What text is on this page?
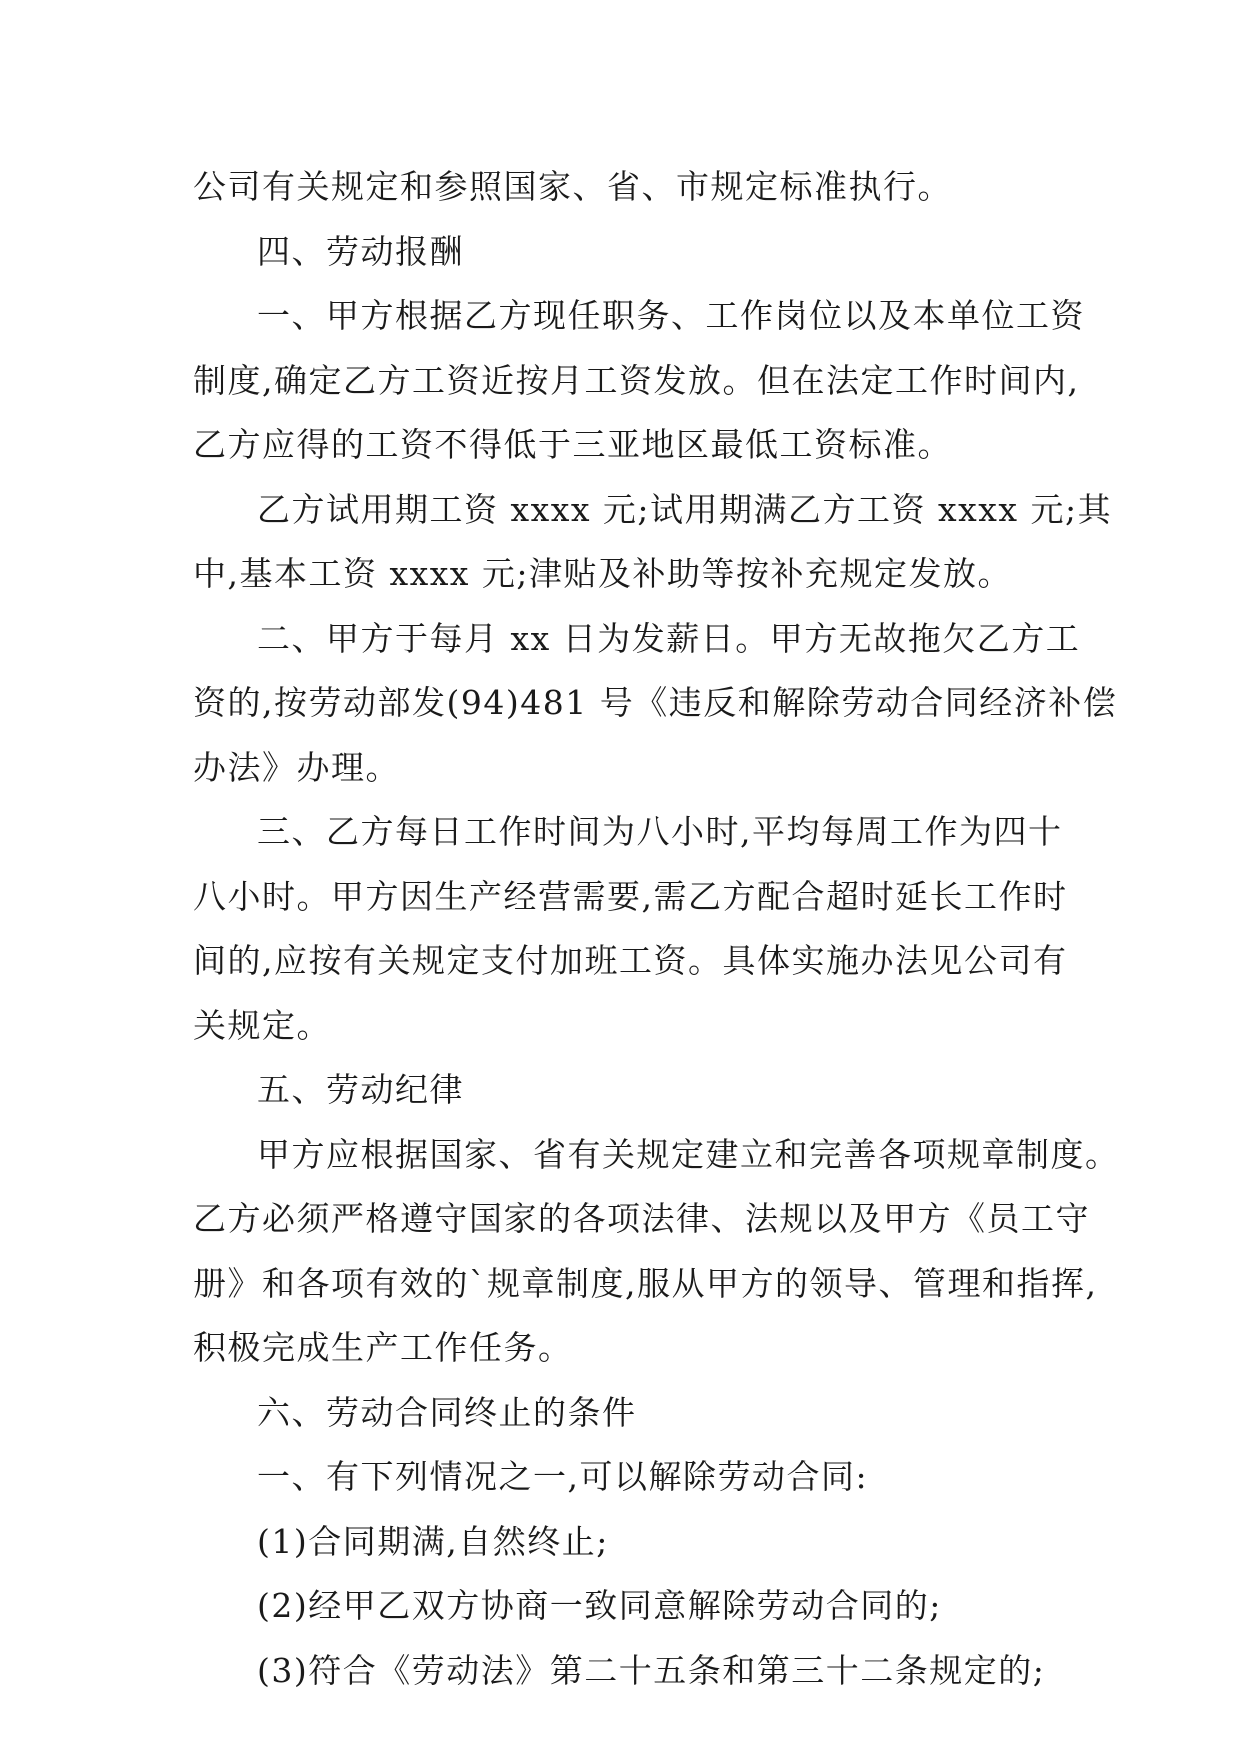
公司有关规定和参照国家、省、市规定标准执行。
四、劳动报酬
一、甲方根据乙方现任职务、工作岗位以及本单位工资
制度,确定乙方工资近按月工资发放。但在法定工作时间内,
乙方应得的工资不得低于三亚地区最低工资标准。
乙方试用期工资 xxxx 元;试用期满乙方工资 xxxx 元;其
中,基本工资 xxxx 元;津贴及补助等按补充规定发放。
二、甲方于每月 xx 日为发薪日。甲方无故拖欠乙方工
资的,按劳动部发(94)481 号《违反和解除劳动合同经济补偿
办法》办理。
三、乙方每日工作时间为八小时,平均每周工作为四十
八小时。甲方因生产经营需要,需乙方配合超时延长工作时
间的,应按有关规定支付加班工资。具体实施办法见公司有
关规定。
五、劳动纪律
甲方应根据国家、省有关规定建立和完善各项规章制度。
乙方必须严格遵守国家的各项法律、法规以及甲方《员工守
册》和各项有效的`规章制度,服从甲方的领导、管理和指挥,
积极完成生产工作任务。
六、劳动合同终止的条件
一、有下列情况之一,可以解除劳动合同:
(1)合同期满,自然终止;
(2)经甲乙双方协商一致同意解除劳动合同的;
(3)符合《劳动法》第二十五条和第三十二条规定的;
